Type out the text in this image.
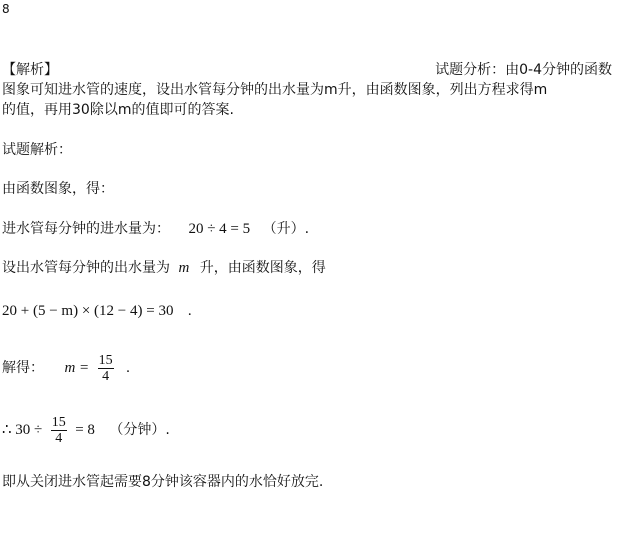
8
【解析】	试题分析：由0-4分钟的函数
图象可知进水管的速度，设出水管每分钟的出水量为m升，由函数图象，列出方程求得m
的值，再用30除以m的值即可的答案.
试题解析：
由函数图象，得：
进水管每分钟的进水量为： 20 ÷ 4 = 5 （升）.
设出水管每分钟的出水量为 m 升，由函数图象，得
20 + (5 − m) × (12 − 4) = 30 .
解得： $m = \frac{15}{4}$ .
∴ $30 \div \frac{15}{4} = 8$ （分钟）.
即从关闭进水管起需要8分钟该容器内的水恰好放完.
